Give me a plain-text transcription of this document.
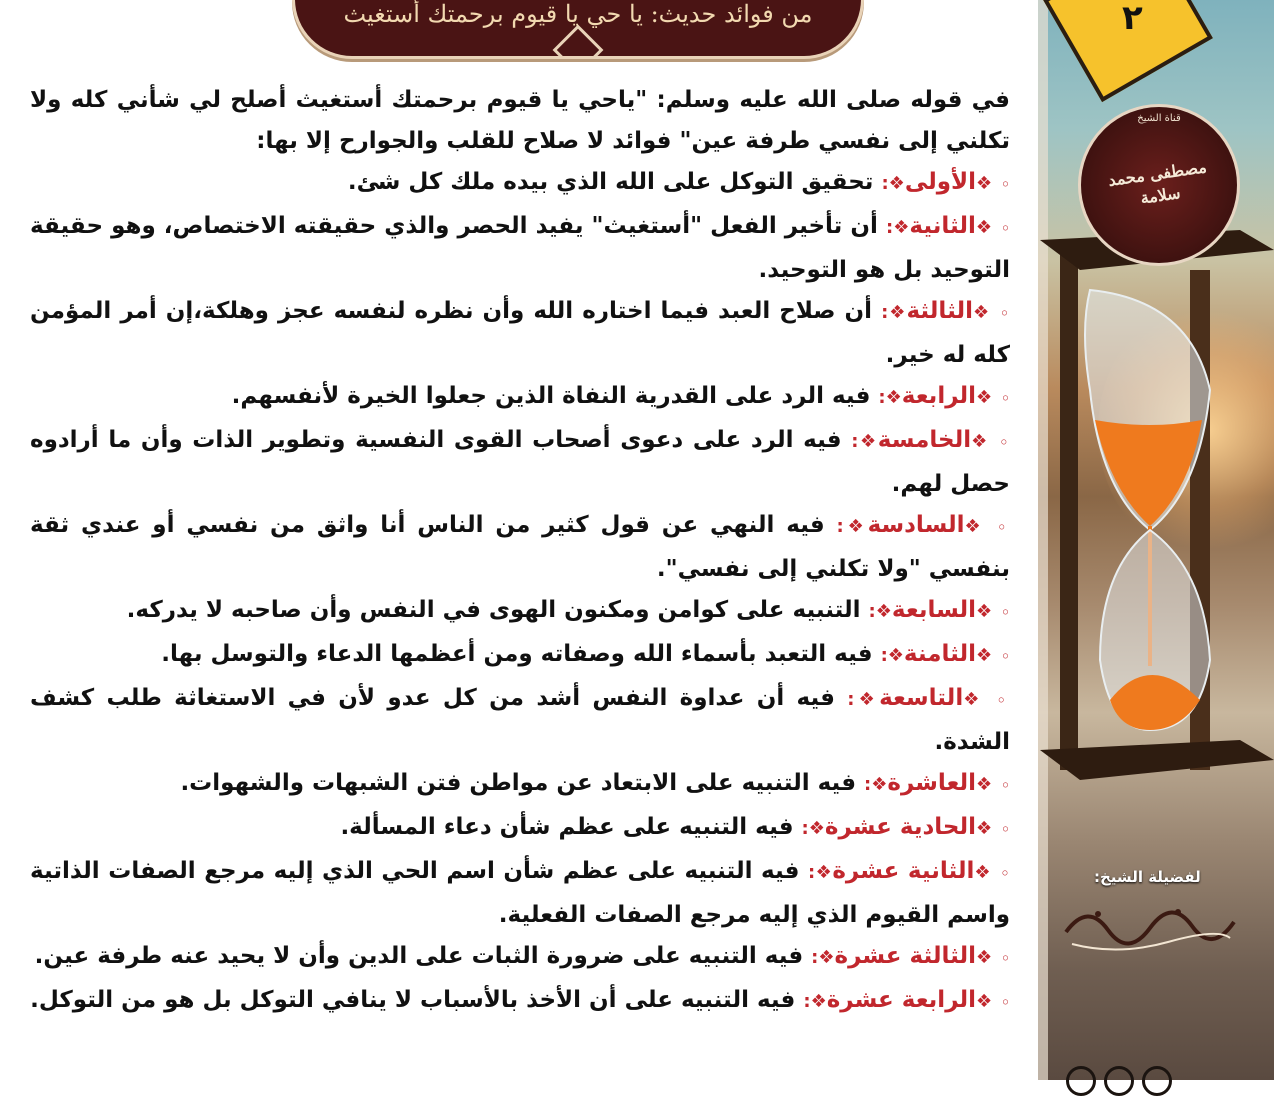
٢
قناة الشيخ
مصطفى محمد سلامة
لفضيلة الشيخ:
من فوائد حديث: يا حي يا قيوم برحمتك أستغيث

في قوله صلى الله عليه وسلم: "ياحي يا قيوم برحمتك أستغيث أصلح لي شأني كله ولا تكلني إلى نفسي طرفة عين" فوائد لا صلاح للقلب والجوارح إلا بها:

◦ ❖الأولى❖: تحقيق التوكل على الله الذي بيده ملك كل شئ.

◦ ❖الثانية❖: أن تأخير الفعل "أستغيث" يفيد الحصر والذي حقيقته الاختصاص، وهو حقيقة التوحيد بل هو التوحيد.

◦ ❖الثالثة❖: أن صلاح العبد فيما اختاره الله وأن نظره لنفسه عجز وهلكة،إن أمر المؤمن كله له خير.

◦ ❖الرابعة❖: فيه الرد على القدرية النفاة الذين جعلوا الخيرة لأنفسهم.

◦ ❖الخامسة❖: فيه الرد على دعوى أصحاب القوى النفسية وتطوير الذات وأن ما أرادوه حصل لهم.

◦ ❖السادسة❖: فيه النهي عن قول كثير من الناس أنا واثق من نفسي أو عندي ثقة بنفسي "ولا تكلني إلى نفسي".

◦ ❖السابعة❖: التنبيه على كوامن ومكنون الهوى في النفس وأن صاحبه لا يدركه.

◦ ❖الثامنة❖: فيه التعبد بأسماء الله وصفاته ومن أعظمها الدعاء والتوسل بها.

◦ ❖التاسعة❖: فيه أن عداوة النفس أشد من كل عدو لأن في الاستغاثة طلب كشف الشدة.

◦ ❖العاشرة❖: فيه التنبيه على الابتعاد عن مواطن فتن الشبهات والشهوات.

◦ ❖الحادية عشرة❖: فيه التنبيه على عظم شأن دعاء المسألة.

◦ ❖الثانية عشرة❖: فيه التنبيه على عظم شأن اسم الحي الذي إليه مرجع الصفات الذاتية واسم القيوم الذي إليه مرجع الصفات الفعلية.

◦ ❖الثالثة عشرة❖: فيه التنبيه على ضرورة الثبات على الدين وأن لا يحيد عنه طرفة عين.

◦ ❖الرابعة عشرة❖: فيه التنبيه على أن الأخذ بالأسباب لا ينافي التوكل بل هو من التوكل.
